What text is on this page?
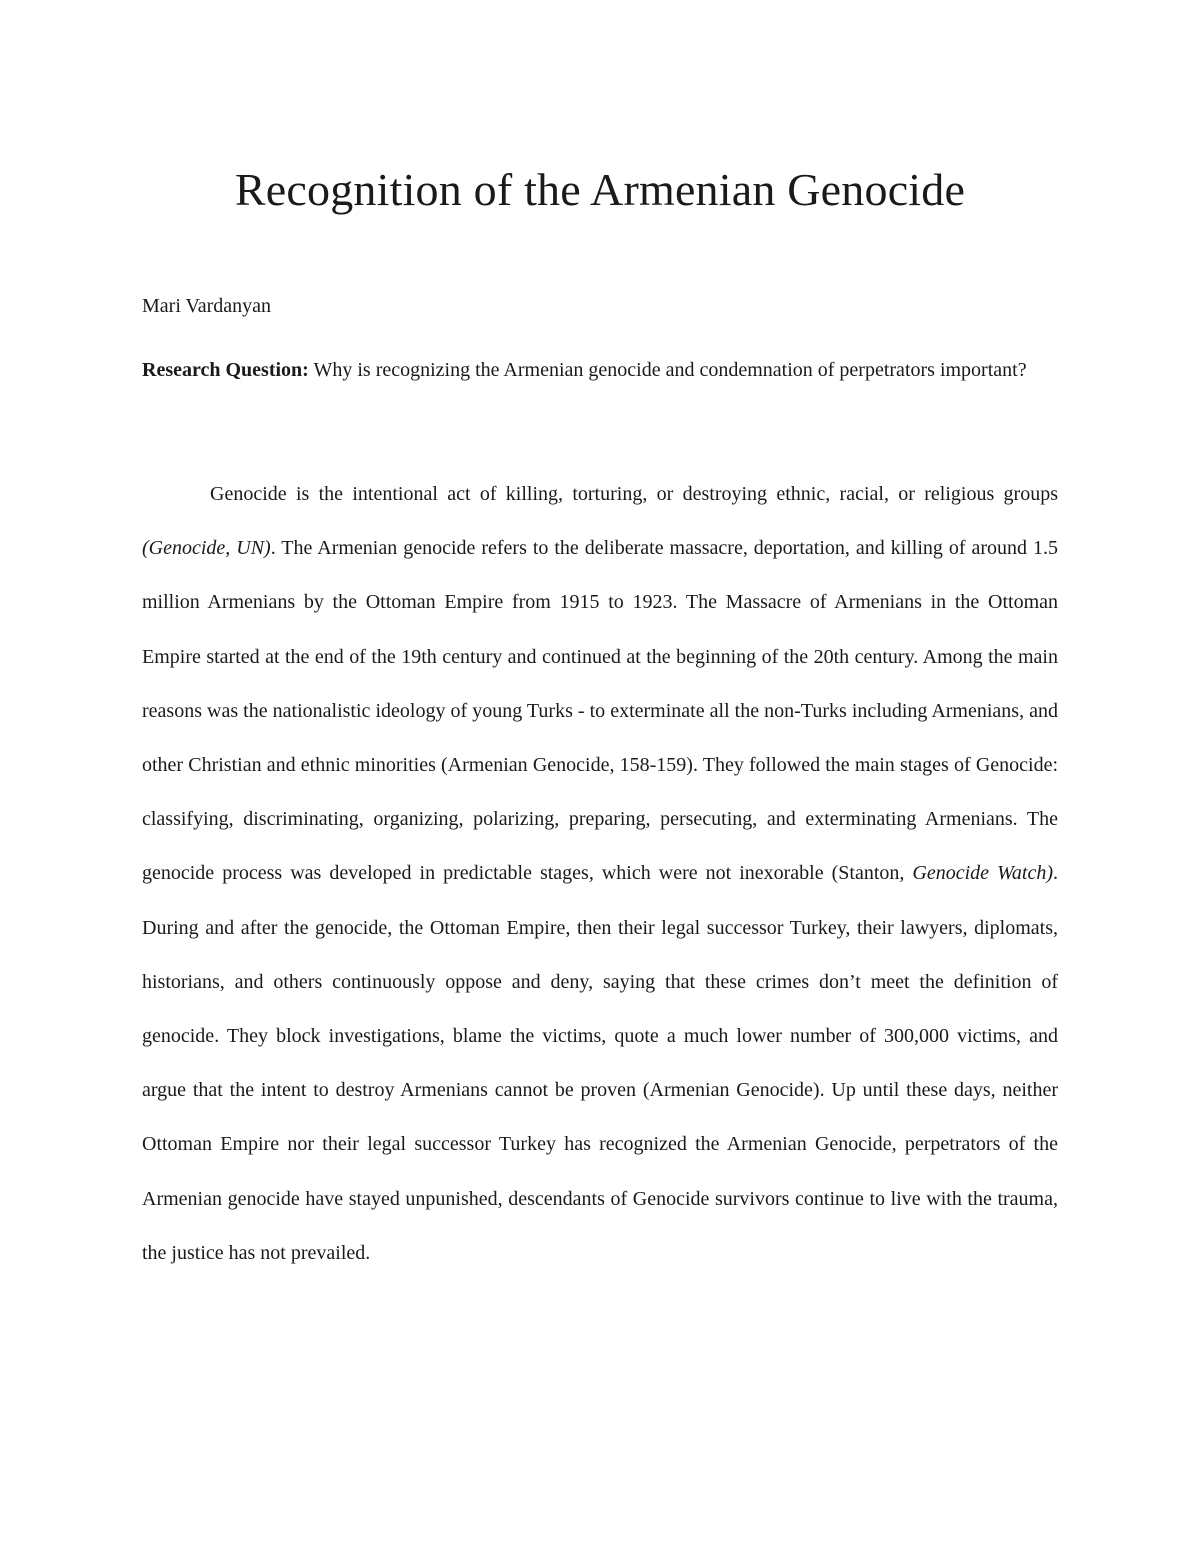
Recognition of the Armenian Genocide

Mari Vardanyan

Research Question: Why is recognizing the Armenian genocide and condemnation of perpetrators important?

Genocide is the intentional act of killing, torturing, or destroying ethnic, racial, or religious groups (Genocide, UN). The Armenian genocide refers to the deliberate massacre, deportation, and killing of around 1.5 million Armenians by the Ottoman Empire from 1915 to 1923. The Massacre of Armenians in the Ottoman Empire started at the end of the 19th century and continued at the beginning of the 20th century. Among the main reasons was the nationalistic ideology of young Turks - to exterminate all the non-Turks including Armenians, and other Christian and ethnic minorities (Armenian Genocide, 158-159). They followed the main stages of Genocide: classifying, discriminating, organizing, polarizing, preparing, persecuting, and exterminating Armenians. The genocide process was developed in predictable stages, which were not inexorable (Stanton, Genocide Watch). During and after the genocide, the Ottoman Empire, then their legal successor Turkey, their lawyers, diplomats, historians, and others continuously oppose and deny, saying that these crimes don’t meet the definition of genocide. They block investigations, blame the victims, quote a much lower number of 300,000 victims, and argue that the intent to destroy Armenians cannot be proven (Armenian Genocide). Up until these days, neither Ottoman Empire nor their legal successor Turkey has recognized the Armenian Genocide, perpetrators of the Armenian genocide have stayed unpunished, descendants of Genocide survivors continue to live with the trauma, the justice has not prevailed.
